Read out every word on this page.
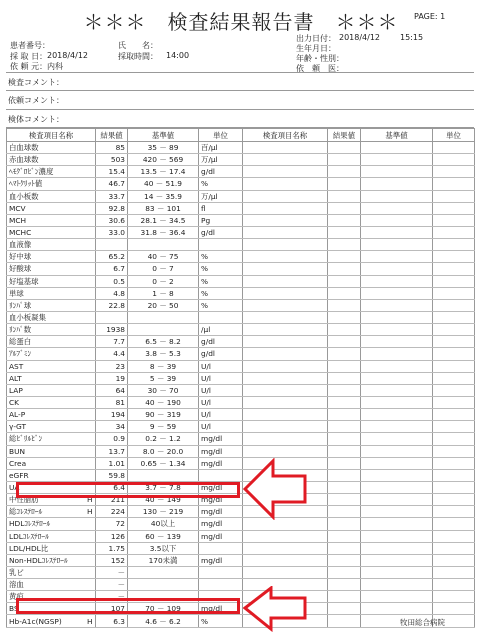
＊＊＊　検査結果報告書　＊＊＊	PAGE: 1
患者番号：	氏　　名：
出力日付： 2018/4/12 15:15
生年月日：
採 取 日： 2018/4/12	採取時間： 14:00	年齢・性別：
依 頼 元： 内科	依　頼　医：
検査コメント：
依頼コメント：
検体コメント：
検査項目名称		結果値	基準値	単位
白血球数		85	35 － 89	百/μl
赤血球数		503	420 － 569	万/μl
ﾍﾓｸﾞﾛﾋﾞﾝ濃度		15.4	13.5 － 17.4	g/dl
ﾍﾏﾄｸﾘｯﾄ値		46.7	40 － 51.9	%
血小板数		33.7	14 － 35.9	万/μl
MCV		92.8	83 － 101	fl
MCH		30.6	28.1 － 34.5	Pg
MCHC		33.0	31.8 － 36.4	g/dl
血液像				
好中球		65.2	40 － 75	%
好酸球		6.7	0 － 7	%
好塩基球		0.5	0 － 2	%
単球		4.8	1 － 8	%
ﾘﾝﾊﾟ球		22.8	20 － 50	%
血小板凝集				
ﾘﾝﾊﾟ数		1938		/μl
総蛋白		7.7	6.5 － 8.2	g/dl
ｱﾙﾌﾞﾐﾝ		4.4	3.8 － 5.3	g/dl
AST		23	8 － 39	U/l
ALT		19	5 － 39	U/l
LAP		64	30 － 70	U/l
CK		81	40 － 190	U/l
AL-P		194	90 － 319	U/l
γ-GT		34	9 － 59	U/l
総ﾋﾞﾘﾙﾋﾞﾝ		0.9	0.2 － 1.2	mg/dl
BUN		13.7	8.0 － 20.0	mg/dl
Crea		1.01	0.65 － 1.34	mg/dl
eGFR		59.8		
UA		6.4	3.7 － 7.8	mg/dl
中性脂肪	H	211	40 － 149	mg/dl
総ｺﾚｽﾃﾛｰﾙ	H	224	130 － 219	mg/dl
HDLｺﾚｽﾃﾛｰﾙ		72	40以上	mg/dl
LDLｺﾚｽﾃﾛｰﾙ		126	60 － 139	mg/dl
LDL/HDL比		1.75	3.5以下	
Non-HDLｺﾚｽﾃﾛｰﾙ		152	170未満	mg/dl
乳ビ		－		
溶血		－		
黄疸		－		
BS		107	70 － 109	mg/dl
Hb-A1c(NGSP)	H	6.3	4.6 － 6.2	%
検査項目名称	結果値	基準値	単位

牧田総合病院
